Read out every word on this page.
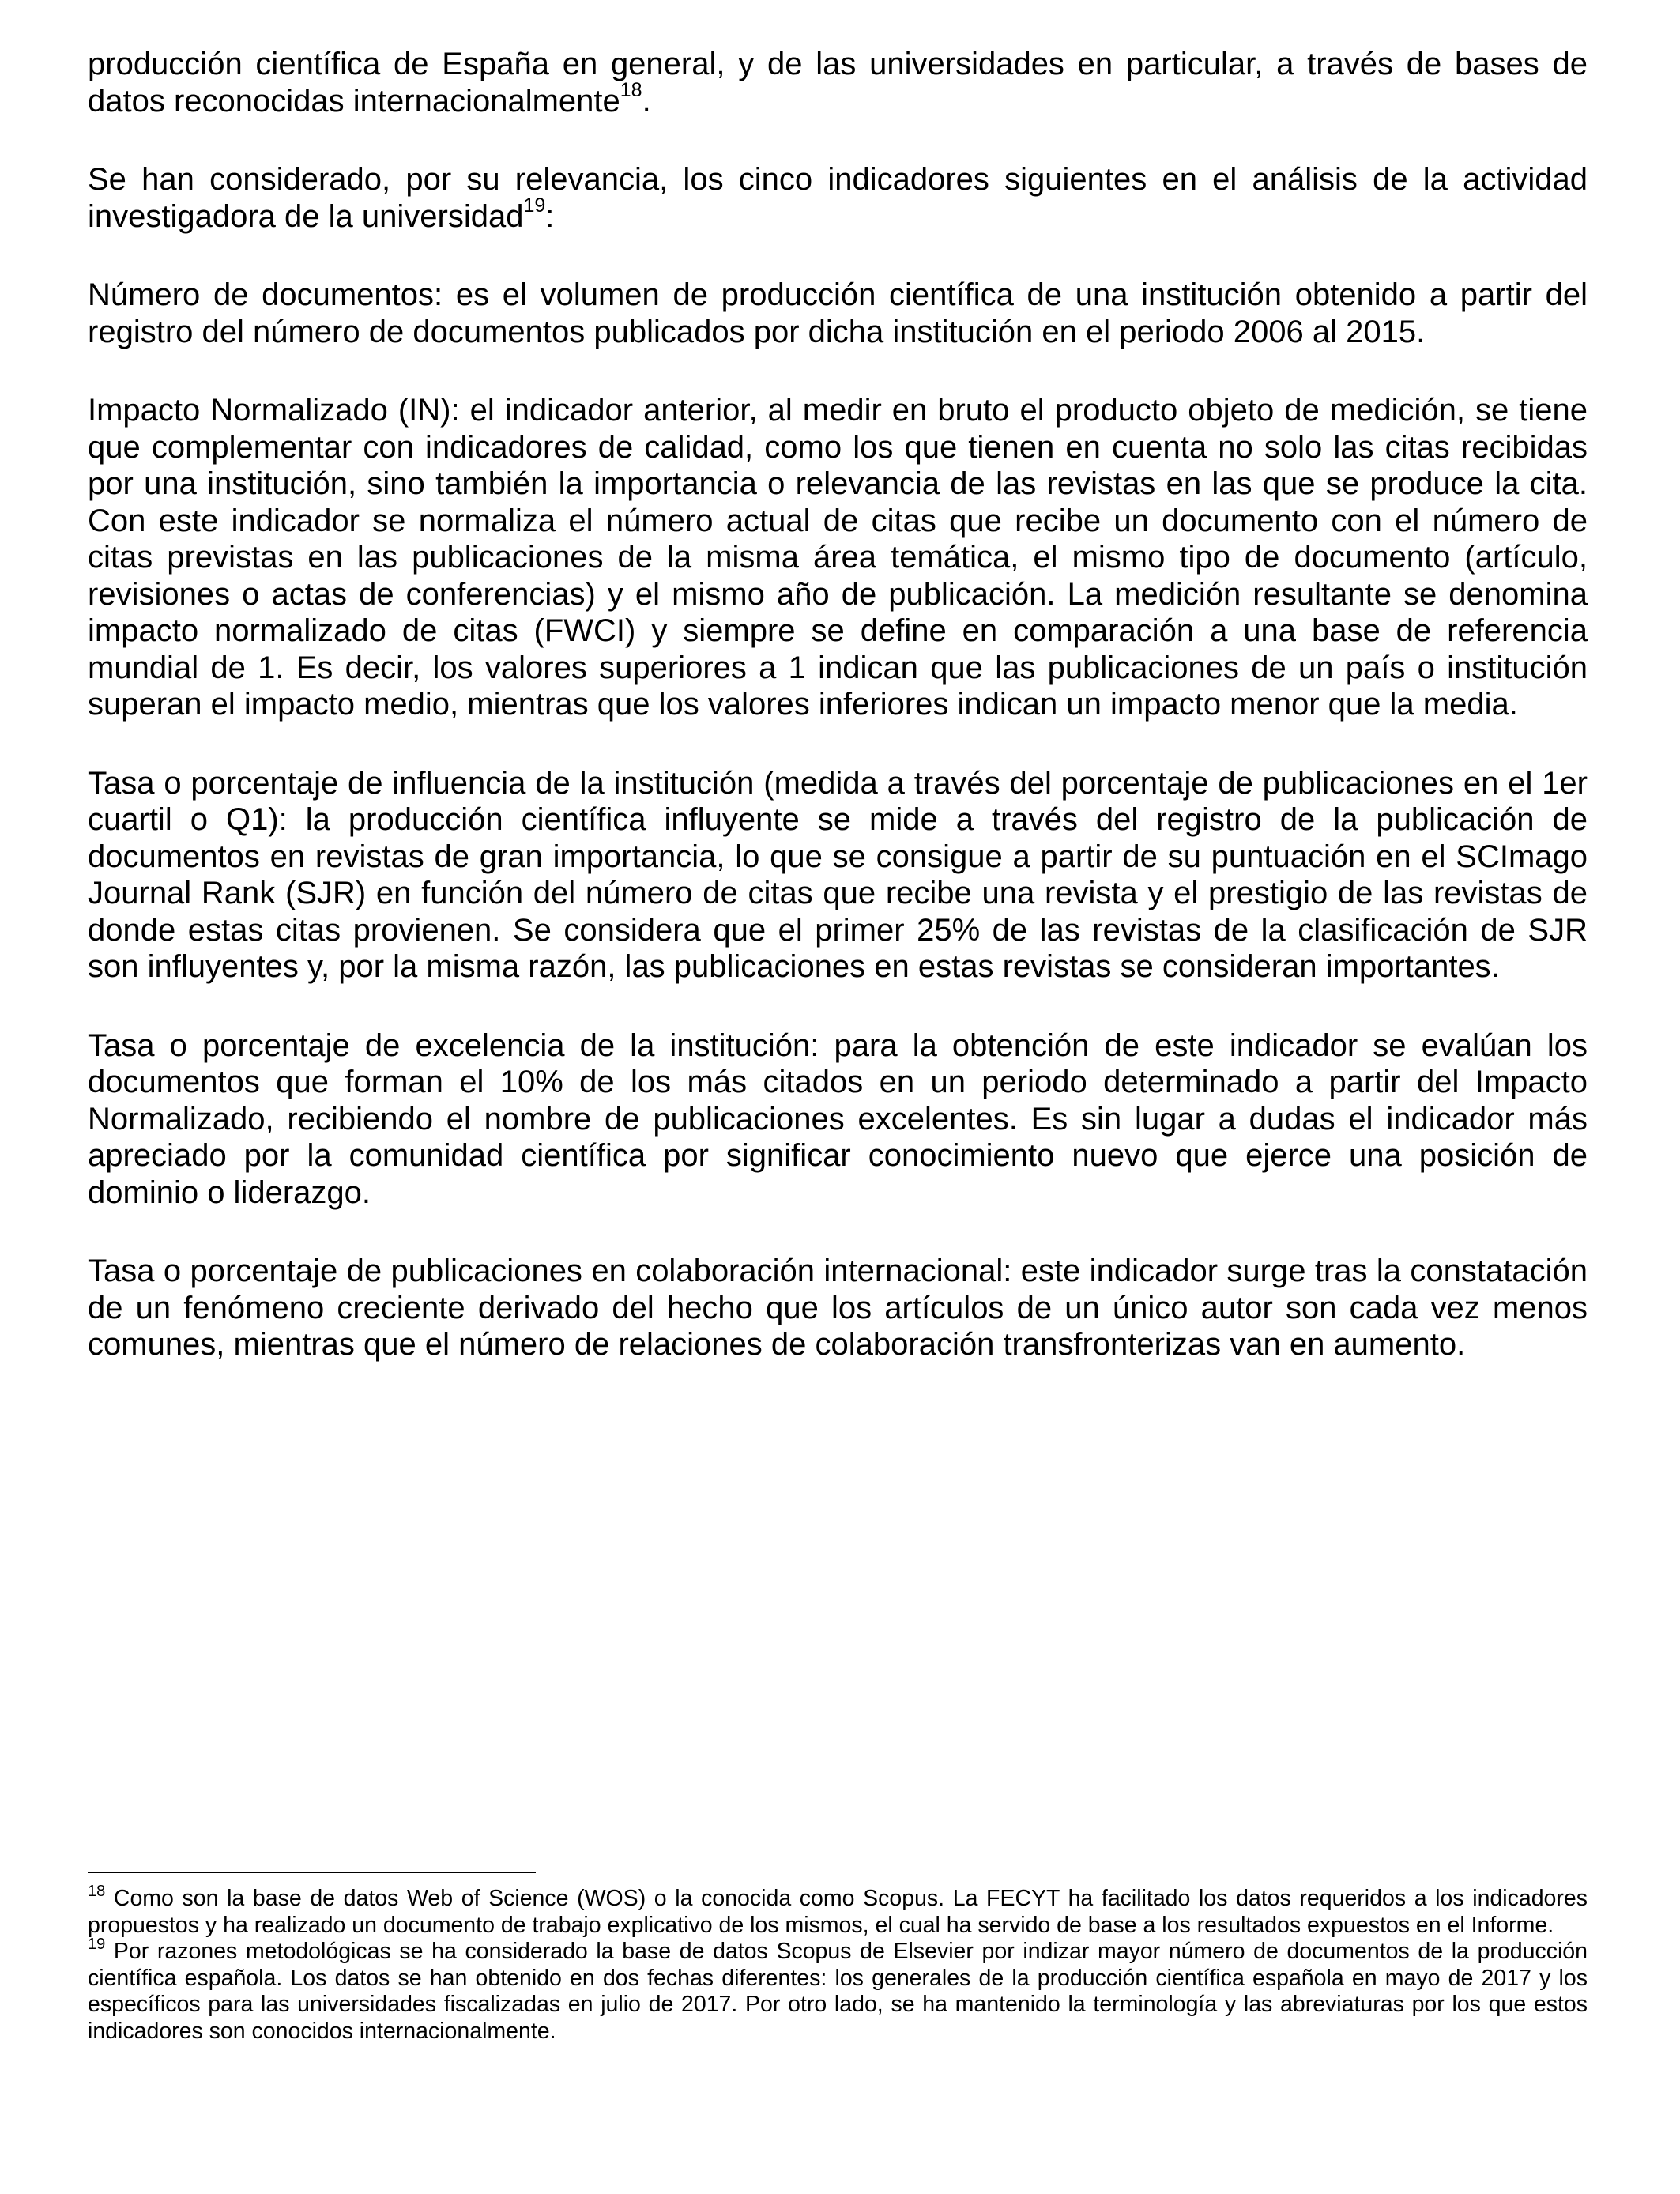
producción científica de España en general, y de las universidades en particular, a través de bases de datos reconocidas internacionalmente$^{18}$.

Se han considerado, por su relevancia, los cinco indicadores siguientes en el análisis de la actividad investigadora de la universidad$^{19}$:

Número de documentos: es el volumen de producción científica de una institución obtenido a partir del registro del número de documentos publicados por dicha institución en el periodo 2006 al 2015.

Impacto Normalizado (IN): el indicador anterior, al medir en bruto el producto objeto de medición, se tiene que complementar con indicadores de calidad, como los que tienen en cuenta no solo las citas recibidas por una institución, sino también la importancia o relevancia de las revistas en las que se produce la cita. Con este indicador se normaliza el número actual de citas que recibe un documento con el número de citas previstas en las publicaciones de la misma área temática, el mismo tipo de documento (artículo, revisiones o actas de conferencias) y el mismo año de publicación. La medición resultante se denomina impacto normalizado de citas (FWCI) y siempre se define en comparación a una base de referencia mundial de 1. Es decir, los valores superiores a 1 indican que las publicaciones de un país o institución superan el impacto medio, mientras que los valores inferiores indican un impacto menor que la media.

Tasa o porcentaje de influencia de la institución (medida a través del porcentaje de publicaciones en el 1er cuartil o Q1): la producción científica influyente se mide a través del registro de la publicación de documentos en revistas de gran importancia, lo que se consigue a partir de su puntuación en el SCImago Journal Rank (SJR) en función del número de citas que recibe una revista y el prestigio de las revistas de donde estas citas provienen. Se considera que el primer 25% de las revistas de la clasificación de SJR son influyentes y, por la misma razón, las publicaciones en estas revistas se consideran importantes.

Tasa o porcentaje de excelencia de la institución: para la obtención de este indicador se evalúan los documentos que forman el 10% de los más citados en un periodo determinado a partir del Impacto Normalizado, recibiendo el nombre de publicaciones excelentes. Es sin lugar a dudas el indicador más apreciado por la comunidad científica por significar conocimiento nuevo que ejerce una posición de dominio o liderazgo.

Tasa o porcentaje de publicaciones en colaboración internacional: este indicador surge tras la constatación de un fenómeno creciente derivado del hecho que los artículos de un único autor son cada vez menos comunes, mientras que el número de relaciones de colaboración transfronterizas van en aumento.

$^{18}$ Como son la base de datos Web of Science (WOS) o la conocida como Scopus. La FECYT ha facilitado los datos requeridos a los indicadores propuestos y ha realizado un documento de trabajo explicativo de los mismos, el cual ha servido de base a los resultados expuestos en el Informe.

$^{19}$ Por razones metodológicas se ha considerado la base de datos Scopus de Elsevier por indizar mayor número de documentos de la producción científica española. Los datos se han obtenido en dos fechas diferentes: los generales de la producción científica española en mayo de 2017 y los específicos para las universidades fiscalizadas en julio de 2017. Por otro lado, se ha mantenido la terminología y las abreviaturas por los que estos indicadores son conocidos internacionalmente.
